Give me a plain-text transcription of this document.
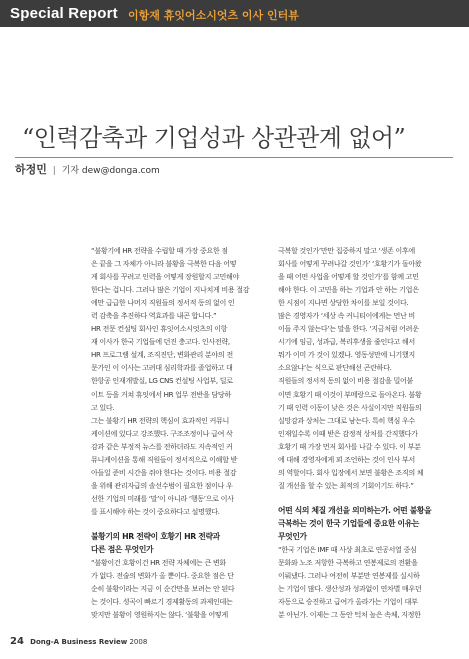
Special Report 이항재 휴잇어소시엇츠 이사 인터뷰
“인력감축과 기업성과 상관관계 없어”
하정민 | 기자 dew@donga.com
“불황기에 HR 전략을 수립할 때 가장 중요한 점
은 끝을 그 자체가 아니라 불황을 극복한 다음 어떻
게 회사를 꾸려고 인력을 어떻게 장원할지 고민해야
한다는 겁니다. 그러나 많은 기업이 지나치게 비용 절감
에만 급급한 나머지 직원들의 정서적 동의 없이 인
력 감축을 추진하다 역효과를 내곤 합니다.”
HR 전문 컨설팅 회사인 휴잇어소시엇츠의 이항
재 이사가 한국 기업들에 던진 충고다. 인사전략,
HR 프로그램 설계, 조직진단, 변화관리 분야의 전
문가인 이 이사는 고려대 심리학과를 졸업하고 대
한항공 인재개발실, LG CNS 컨설팅 사업부, 딜로
이트 등을 거쳐 휴잇에서 HR 업무 전반을 담당하
고 있다.
그는 불황기 HR 전략의 핵심이 효과적인 커뮤니
케이션에 있다고 강조했다. 구조조정이나 급여 삭
감과 같은 부정적 뉴스를 전하더라도 지속적인 커
뮤니케이션을 통해 직원들이 정서적으로 이해할 받
아들일 준비 시간을 줘야 한다는 것이다. 비용 절감
을 위해 관리자급의 솔선수범이 필요한 점이나 우
선한 기업의 미래를 ‘말’이 아니라 ‘행동’으로 이사
를 표시해야 하는 것이 중요하다고 설명했다.
불황기의 HR 전략이 호황기 HR 전략과
다른 점은 무엇인가
“불황이건 호황이건 HR 전략 자체에는 큰 변화
가 없다. 전술의 변화가 올 뿐이다. 중요한 점은 단
순히 불황이라는 지금 이 순간만을 보려는 안 된다
는 것이다. 셩곡이 빠르기 경제활동의 과제인데는
맞지만 불황이 영원하지는 않다. ‘불황을 어떻게
극복할 것인가’만만 집중하지 말고 ‘생존 이후에
회사를 어떻게 꾸려나갈 것인가’ ‘호황기가 돌아왔
을 때 어떤 사업을 어떻게 할 것인가’를 함께 고민
해야 한다. 이 고민을 하는 기업과 안 하는 기업은
한 시점이 지나면 상당한 차이를 보일 것이다.
많은 경영자가 ‘세상 속 커니티이에게는 먼난 비
이들 주지 않는다’는 말을 한다. ‘지금처럼 어려운
시기에 임금, 성과급, 복리후생을 줄인다고 해서
뭐가 이미 가 것이 있겠나. 영동성만에 니기했지
소요않냐’는 식으로 판단해선 곤란하다.
직원들의 정서적 동의 없이 비용 절감을 밀어붙
이면 호황기 때 이것이 부메랑으로 돌아온다. 불황
기 때 인력 이동이 낮은 것은 사실이지만 직원들의
실망감과 상처는 그대로 남는다. 특히 핵심 우수
인재일수록 이때 받은 감정적 상처를 간직했다가
호황기 때 가장 먼저 회사를 나갈 수 있다. 이 부분
에 대해 경영자에게 꾀 조언하는 것이 인사 부서
의 역할이다. 회사 입장에서 보면 불황은 조직의 체
질 개선을 할 수 있는 최적의 기회이기도 하다.”
어떤 식의 체질 개선을 의미하는가. 어떤 불황을
극복하는 것이 한국 기업들에 중요한 이유는
무엇인가
“한국 기업은 IMF 때 사상 최초로 연공서열 중심
문화와 노조 저항한 극복하고 연봉제로의 전환을
이뤄냈다. 그러나 여전히 부분만 연봉제를 실시하
는 기업이 많다. 생산성과 성과없이 연차별 매우던
자동으로 승진하고 급여가 올라가는 기업이 대부
분 아닌가. 이제는 그 동안 턱처 높은 속체, 지정한
24 Dong-A Business Review 2008
